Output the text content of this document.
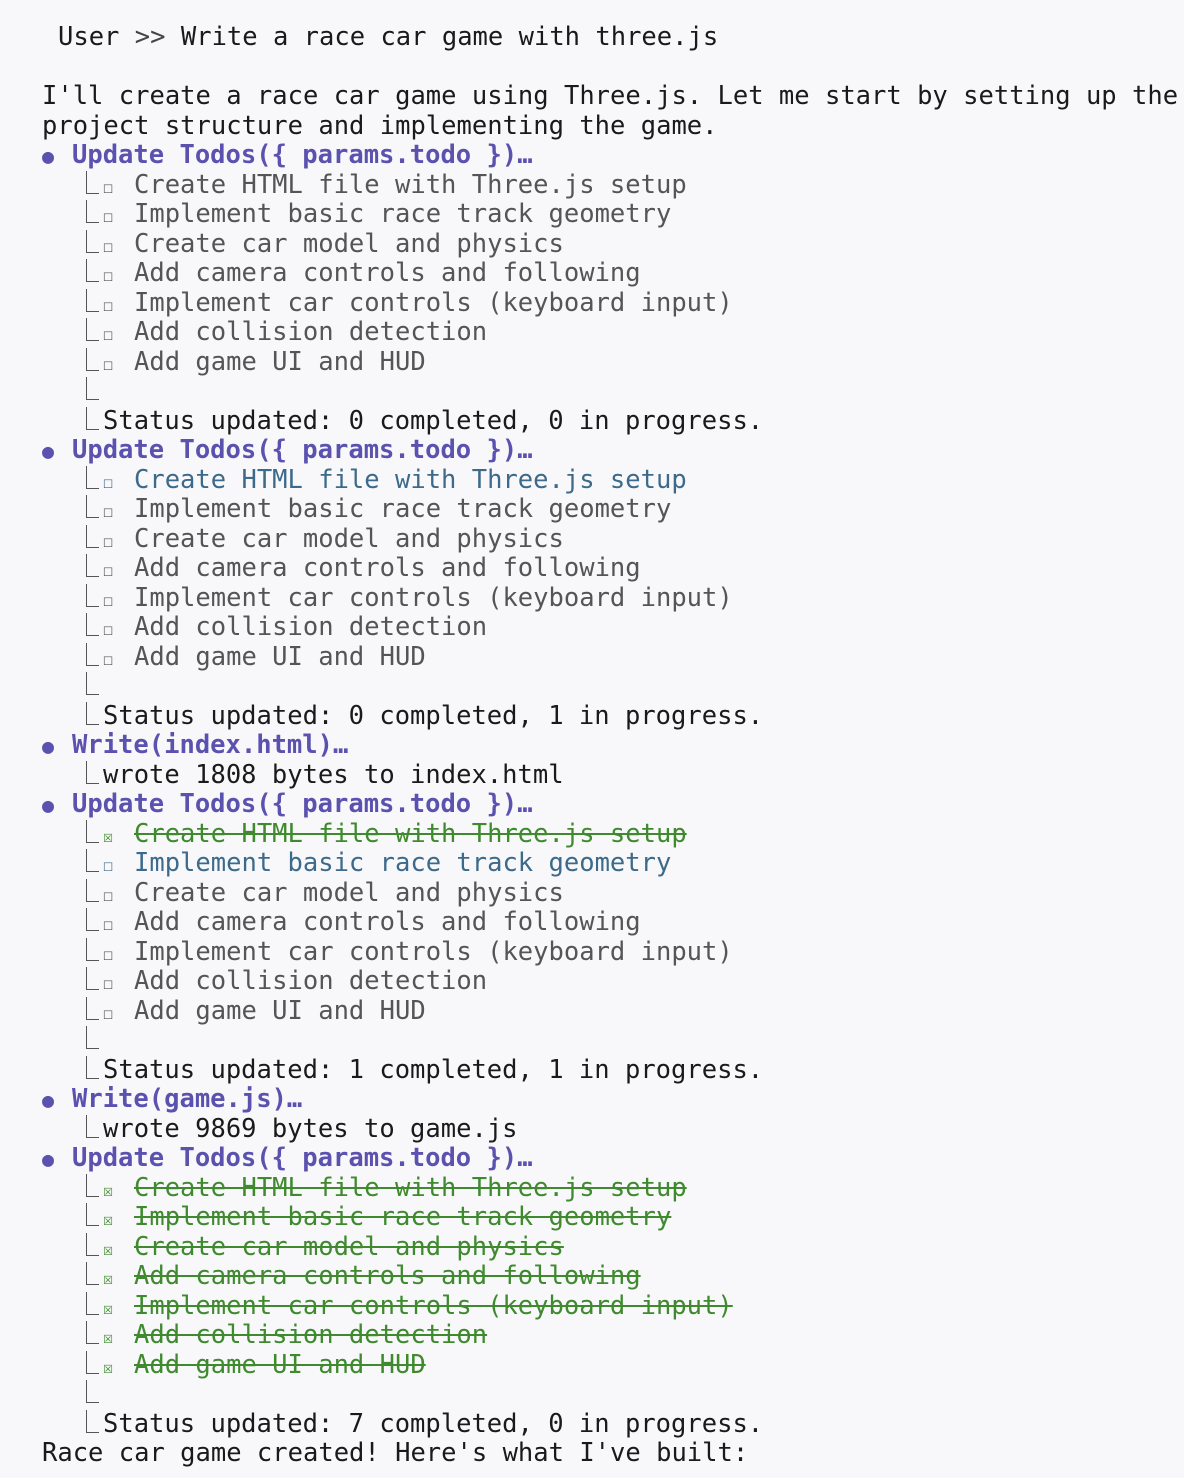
User >> Write a race car game with three.js
I'll create a race car game using Three.js. Let me start by setting up the
project structure and implementing the game.
● Update Todos({ params.todo })…
☐ Create HTML file with Three.js setup
☐ Implement basic race track geometry
☐ Create car model and physics
☐ Add camera controls and following
☐ Implement car controls (keyboard input)
☐ Add collision detection
☐ Add game UI and HUD
Status updated: 0 completed, 0 in progress.
● Update Todos({ params.todo })…
☐ Create HTML file with Three.js setup
☐ Implement basic race track geometry
☐ Create car model and physics
☐ Add camera controls and following
☐ Implement car controls (keyboard input)
☐ Add collision detection
☐ Add game UI and HUD
Status updated: 0 completed, 1 in progress.
● Write(index.html)…
wrote 1808 bytes to index.html
● Update Todos({ params.todo })…
☒ Create HTML file with Three.js setup
☐ Implement basic race track geometry
☐ Create car model and physics
☐ Add camera controls and following
☐ Implement car controls (keyboard input)
☐ Add collision detection
☐ Add game UI and HUD
Status updated: 1 completed, 1 in progress.
● Write(game.js)…
wrote 9869 bytes to game.js
● Update Todos({ params.todo })…
☒ Create HTML file with Three.js setup
☒ Implement basic race track geometry
☒ Create car model and physics
☒ Add camera controls and following
☒ Implement car controls (keyboard input)
☒ Add collision detection
☒ Add game UI and HUD
Status updated: 7 completed, 0 in progress.
Race car game created! Here's what I've built:
